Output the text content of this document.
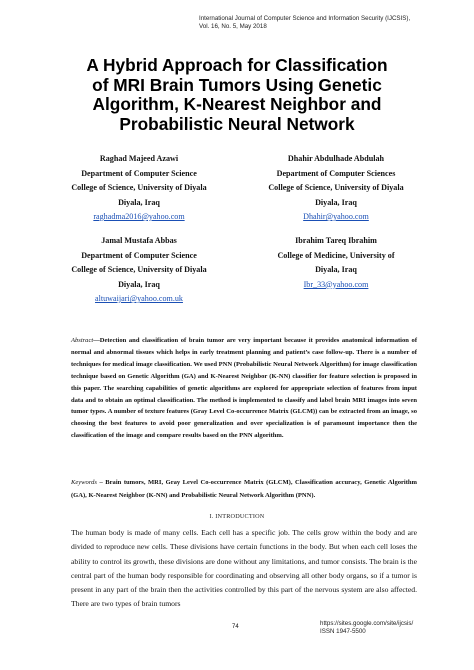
International Journal of Computer Science and Information Security (IJCSIS),
Vol. 16, No. 5, May 2018
A Hybrid Approach for Classification
of MRI Brain Tumors Using Genetic
Algorithm, K-Nearest Neighbor and
Probabilistic Neural Network
Raghad Majeed Azawi
Department of Computer Science
College of Science, University of Diyala
Diyala, Iraq
raghadma2016@yahoo.com
Dhahir Abdulhade Abdulah
Department of Computer Sciences
College of Science, University of Diyala
Diyala, Iraq
Dhahir@yahoo.com
Jamal Mustafa Abbas
Department of Computer Science
College of Science, University of Diyala
Diyala, Iraq
altuwaijari@yahoo.com.uk
Ibrahim Tareq Ibrahim
College of Medicine, University of
Diyala, Iraq
Ibr_33@yahoo.com
Abstract—Detection and classification of brain tumor are very important because it provides anatomical information of normal and abnormal tissues which helps in early treatment planning and patient’s case follow-up. There is a number of techniques for medical image classification. We used PNN (Probabilistic Neural Network Algorithm) for image classification technique based on Genetic Algorithm (GA) and K-Nearest Neighbor (K-NN) classifier for feature selection is proposed in this paper. The searching capabilities of genetic algorithms are explored for appropriate selection of features from input data and to obtain an optimal classification. The method is implemented to classify and label brain MRI images into seven tumor types. A number of texture features (Gray Level Co-occurrence Matrix (GLCM)) can be extracted from an image, so choosing the best features to avoid poor generalization and over specialization is of paramount importance then the classification of the image and compare results based on the PNN algorithm.
Keywords – Brain tumors, MRI, Gray Level Co-occurrence Matrix (GLCM), Classification accuracy, Genetic Algorithm (GA), K-Nearest Neighbor (K-NN) and Probabilistic Neural Network Algorithm (PNN).
I. INTRODUCTION
The human body is made of many cells. Each cell has a specific job. The cells grow within the body and are divided to reproduce new cells. These divisions have certain functions in the body. But when each cell loses the ability to control its growth, these divisions are done without any limitations, and tumor consists. The brain is the central part of the human body responsible for coordinating and observing all other body organs, so if a tumor is present in any part of the brain then the activities controlled by this part of the nervous system are also affected. There are two types of brain tumors
74	https://sites.google.com/site/ijcsis/
ISSN 1947-5500
